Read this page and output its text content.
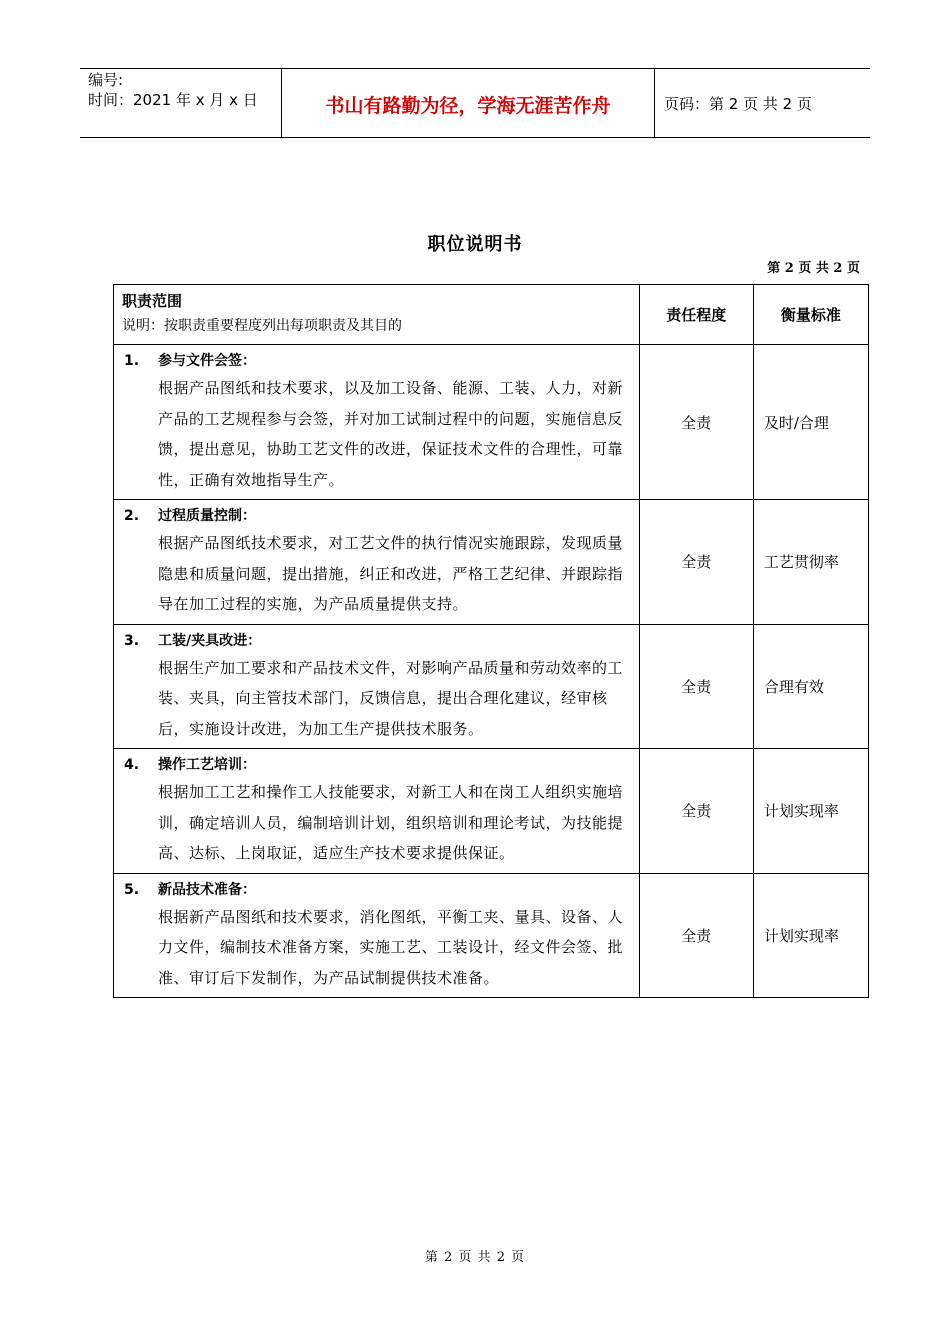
编号:
时间：2021 年 x 月 x 日	书山有路勤为径，学海无涯苦作舟	页码：第 2 页 共 2 页
职位说明书
第 2 页 共 2 页
职责范围
说明：按职责重要程度列出每项职责及其目的	责任程度	衡量标准

1. 参与文件会签：
根据产品图纸和技术要求，以及加工设备、能源、工装、人力，对新产品的工艺规程参与会签，并对加工试制过程中的问题，实施信息反馈，提出意见，协助工艺文件的改进，保证技术文件的合理性，可靠性，正确有效地指导生产。	全责	及时/合理

2. 过程质量控制：
根据产品图纸技术要求，对工艺文件的执行情况实施跟踪，发现质量隐患和质量问题，提出措施，纠正和改进，严格工艺纪律、并跟踪指导在加工过程的实施，为产品质量提供支持。	全责	工艺贯彻率

3. 工装/夹具改进：
根据生产加工要求和产品技术文件，对影响产品质量和劳动效率的工装、夹具，向主管技术部门，反馈信息，提出合理化建议，经审核后，实施设计改进，为加工生产提供技术服务。	全责	合理有效

4. 操作工艺培训：
根据加工工艺和操作工人技能要求，对新工人和在岗工人组织实施培训，确定培训人员，编制培训计划，组织培训和理论考试，为技能提高、达标、上岗取证，适应生产技术要求提供保证。	全责	计划实现率

5. 新品技术准备：
根据新产品图纸和技术要求，消化图纸，平衡工夹、量具、设备、人力文件，编制技术准备方案，实施工艺、工装设计，经文件会签、批准、审订后下发制作，为产品试制提供技术准备。	全责	计划实现率
第 2 页 共 2 页
